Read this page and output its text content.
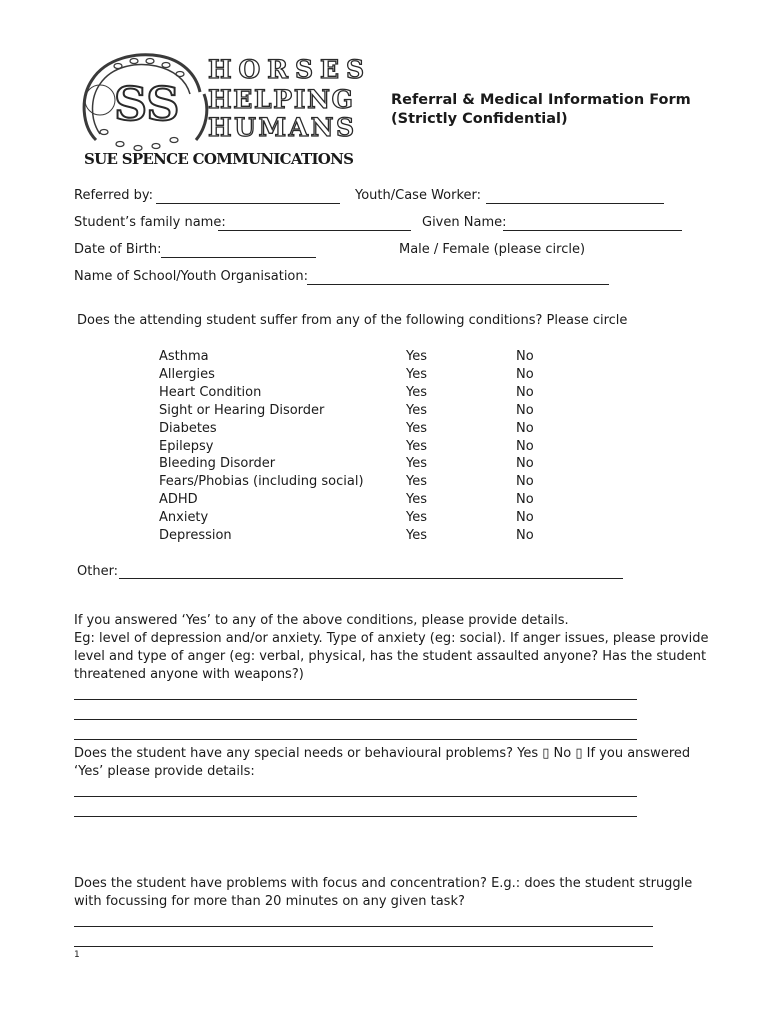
SS
HORSES
HELPING
HUMANS
SUE SPENCE COMMUNICATIONS
Referral & Medical Information Form
(Strictly Confidential)
Referred by:	Youth/Case Worker:
Student’s family name:	Given Name:
Date of Birth:	Male / Female (please circle)
Name of School/Youth Organisation:
Does the attending student suffer from any of the following conditions? Please circle
Asthma	Yes	No
Allergies	Yes	No
Heart Condition	Yes	No
Sight or Hearing Disorder	Yes	No
Diabetes	Yes	No
Epilepsy	Yes	No
Bleeding Disorder	Yes	No
Fears/Phobias (including social)	Yes	No
ADHD	Yes	No
Anxiety	Yes	No
Depression	Yes	No
Other:
If you answered ‘Yes’ to any of the above conditions, please provide details.
Eg: level of depression and/or anxiety. Type of anxiety (eg: social). If anger issues, please provide
level and type of anger (eg: verbal, physical, has the student assaulted anyone? Has the student
threatened anyone with weapons?)
Does the student have any special needs or behavioural problems? Yes ▯ No ▯ If you answered
‘Yes’ please provide details:
Does the student have problems with focus and concentration? E.g.: does the student struggle
with focussing for more than 20 minutes on any given task?
1
